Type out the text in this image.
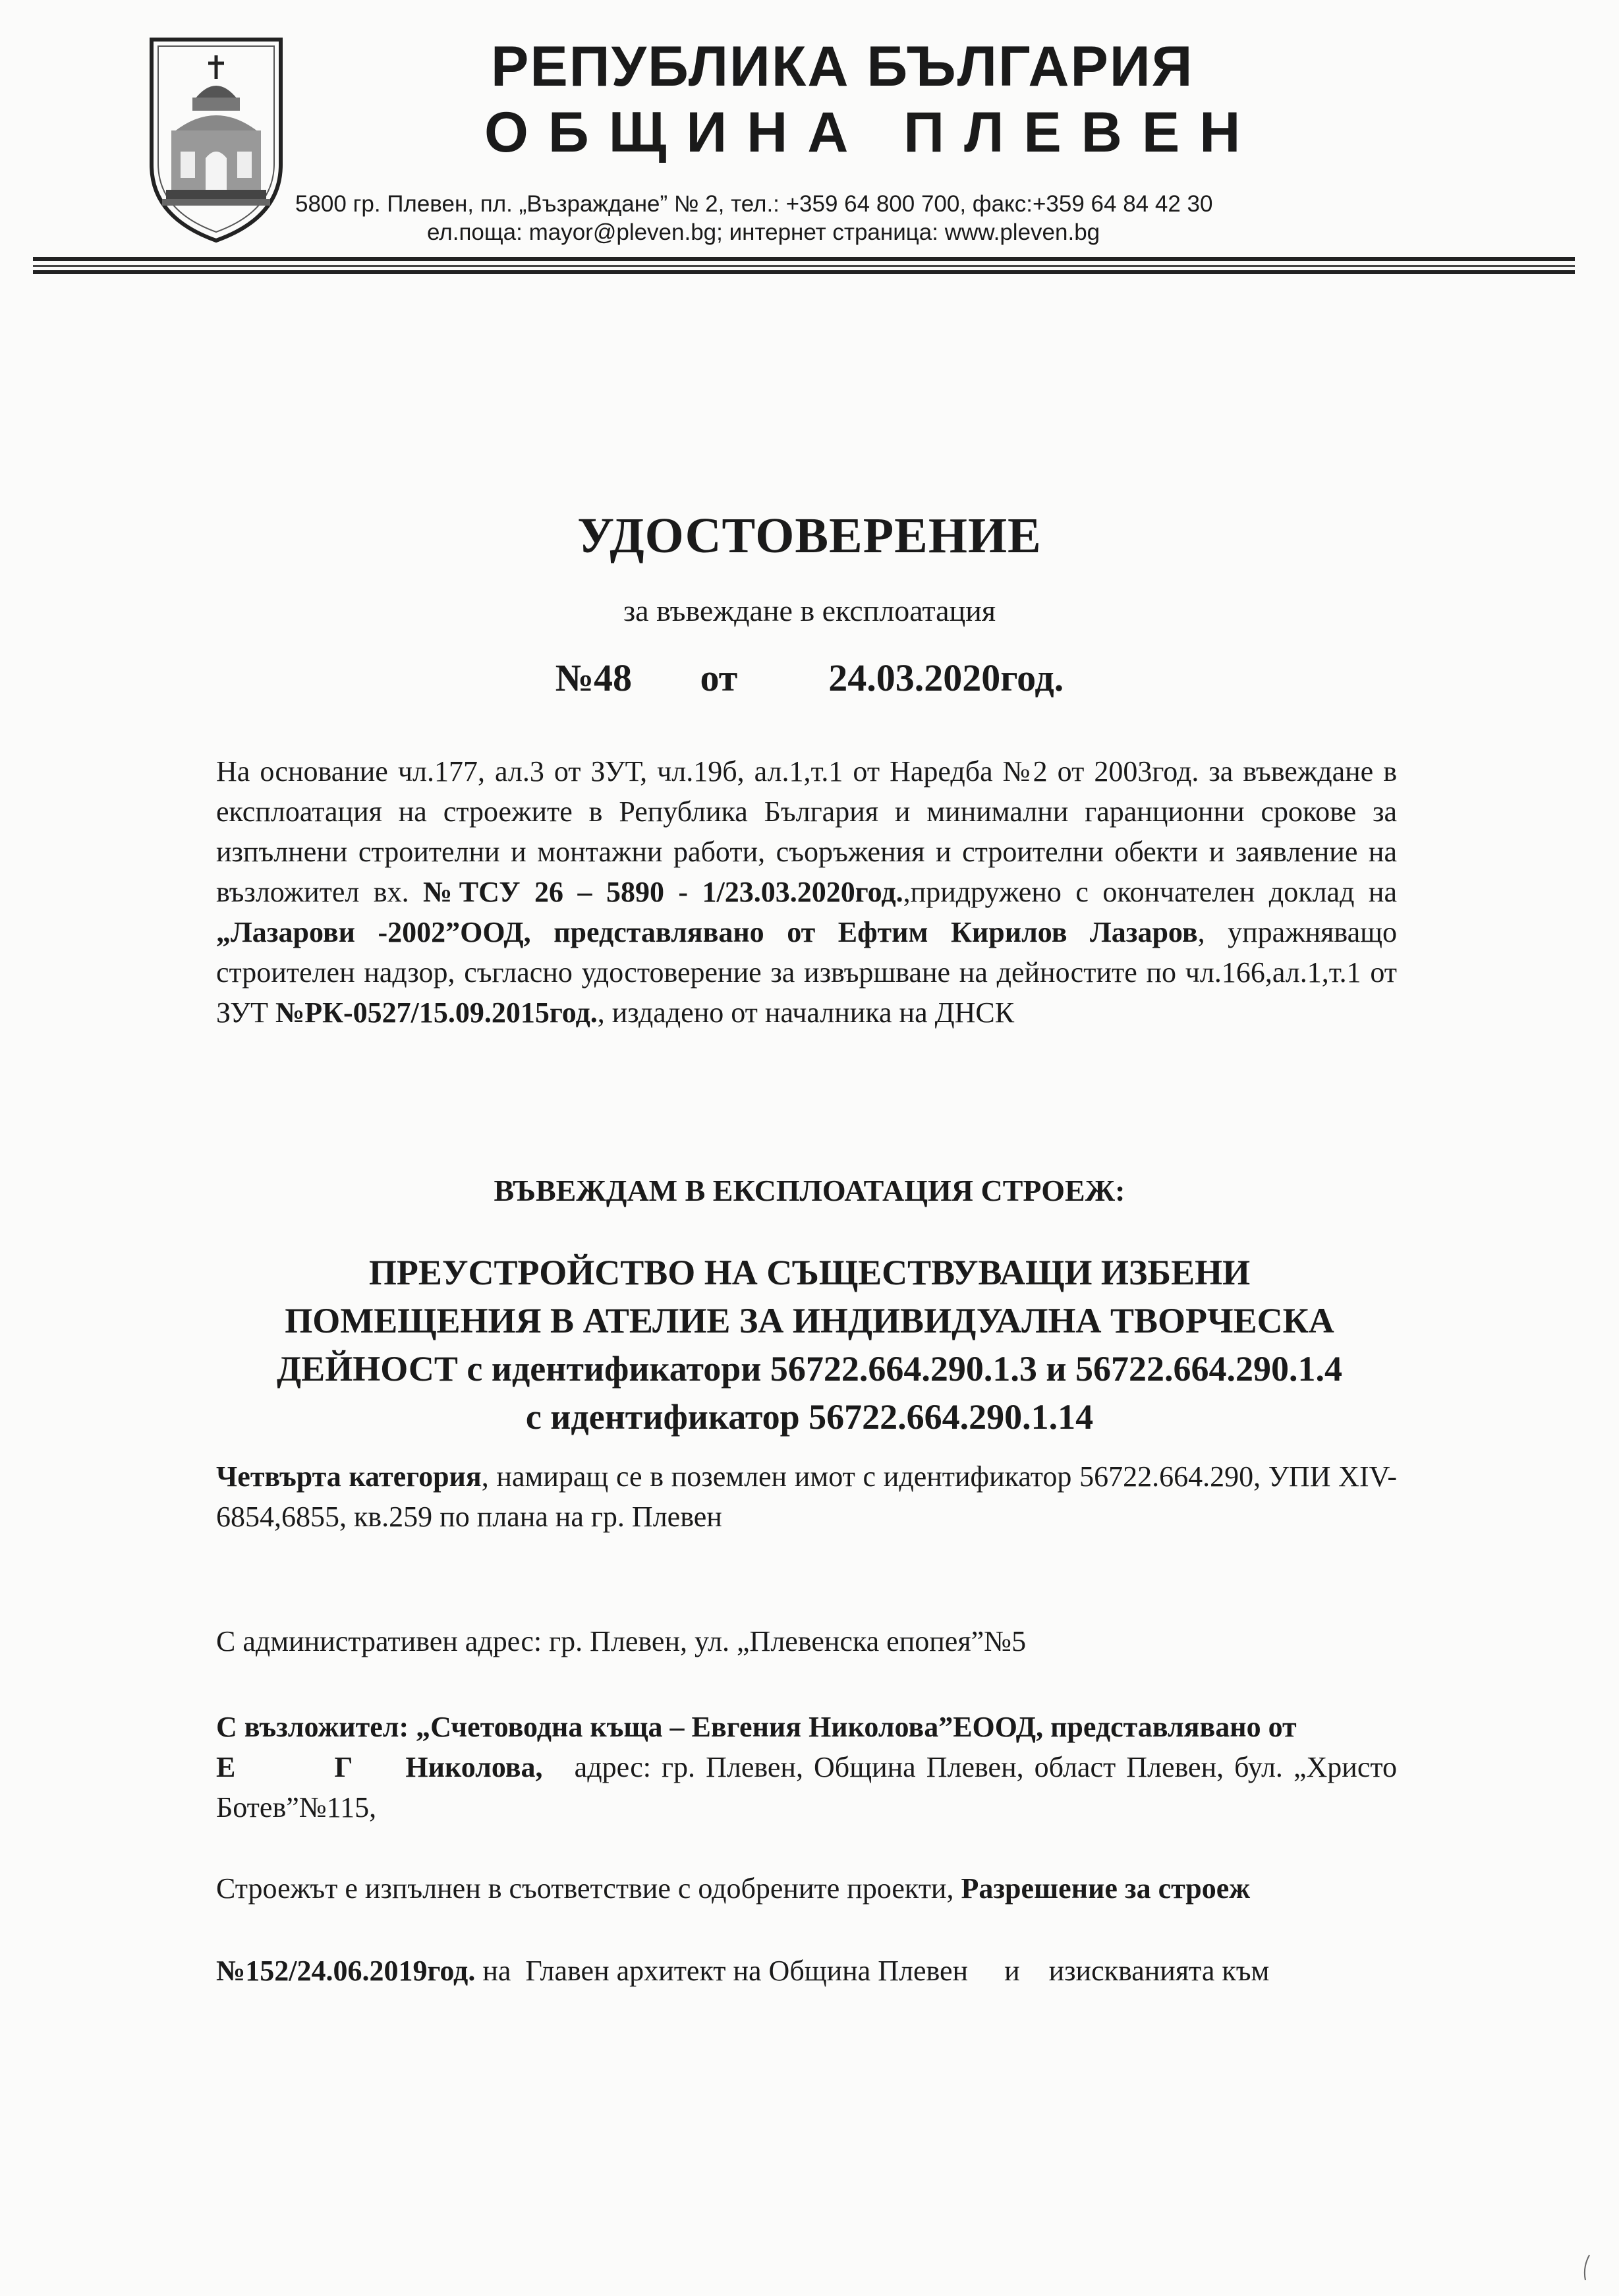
РЕПУБЛИКА БЪЛГАРИЯ
ОБЩИНА ПЛЕВЕН
5800 гр. Плевен, пл. „Възраждане” № 2, тел.: +359 64 800 700, факс:+359 64 84 42 30
ел.поща: mayor@pleven.bg; интернет страница: www.pleven.bg
УДОСТОВЕРЕНИЕ
за въвеждане в експлоатация
№48   от    24.03.2020год.
На основание чл.177, ал.3 от ЗУТ, чл.19б, ал.1,т.1 от Наредба №2 от 2003год. за въвеждане в експлоатация на строежите в Република България и минимални гаранционни срокове за изпълнени строителни и монтажни работи, съоръжения и строителни обекти и заявление на възложител вх. №ТСУ 26 – 5890 - 1/23.03.2020год.,придружено с окончателен доклад на „Лазарови -2002”ООД, представлявано от Ефтим Кирилов Лазаров, упражняващо строителен надзор, съгласно удостоверение за извършване на дейностите по чл.166,ал.1,т.1 от ЗУТ №РК-0527/15.09.2015год., издадено от началника на ДНСК
ВЪВЕЖДАМ В ЕКСПЛОАТАЦИЯ СТРОЕЖ:
ПРЕУСТРОЙСТВО НА СЪЩЕСТВУВАЩИ ИЗБЕНИ
ПОМЕЩЕНИЯ В АТЕЛИЕ ЗА ИНДИВИДУАЛНА ТВОРЧЕСКА
ДЕЙНОСТ с идентификатори 56722.664.290.1.3 и 56722.664.290.1.4
с идентификатор 56722.664.290.1.14
Четвърта категория, намиращ се в поземлен имот с идентификатор 56722.664.290, УПИ XIV-6854,6855, кв.259 по плана на гр. Плевен
С административен адрес: гр. Плевен, ул. „Плевенска епопея”№5
С възложител: „Счетоводна къща – Евгения Николова”ЕООД, представлявано от
Е	Г Николова,   адрес: гр. Плевен, Община Плевен, област Плевен, бул. „Христо Ботев”№115,
Строежът е изпълнен в съответствие с одобрените проекти, Разрешение за строеж
№152/24.06.2019год. на  Главен архитект на Община Плевен     и    изискванията към
